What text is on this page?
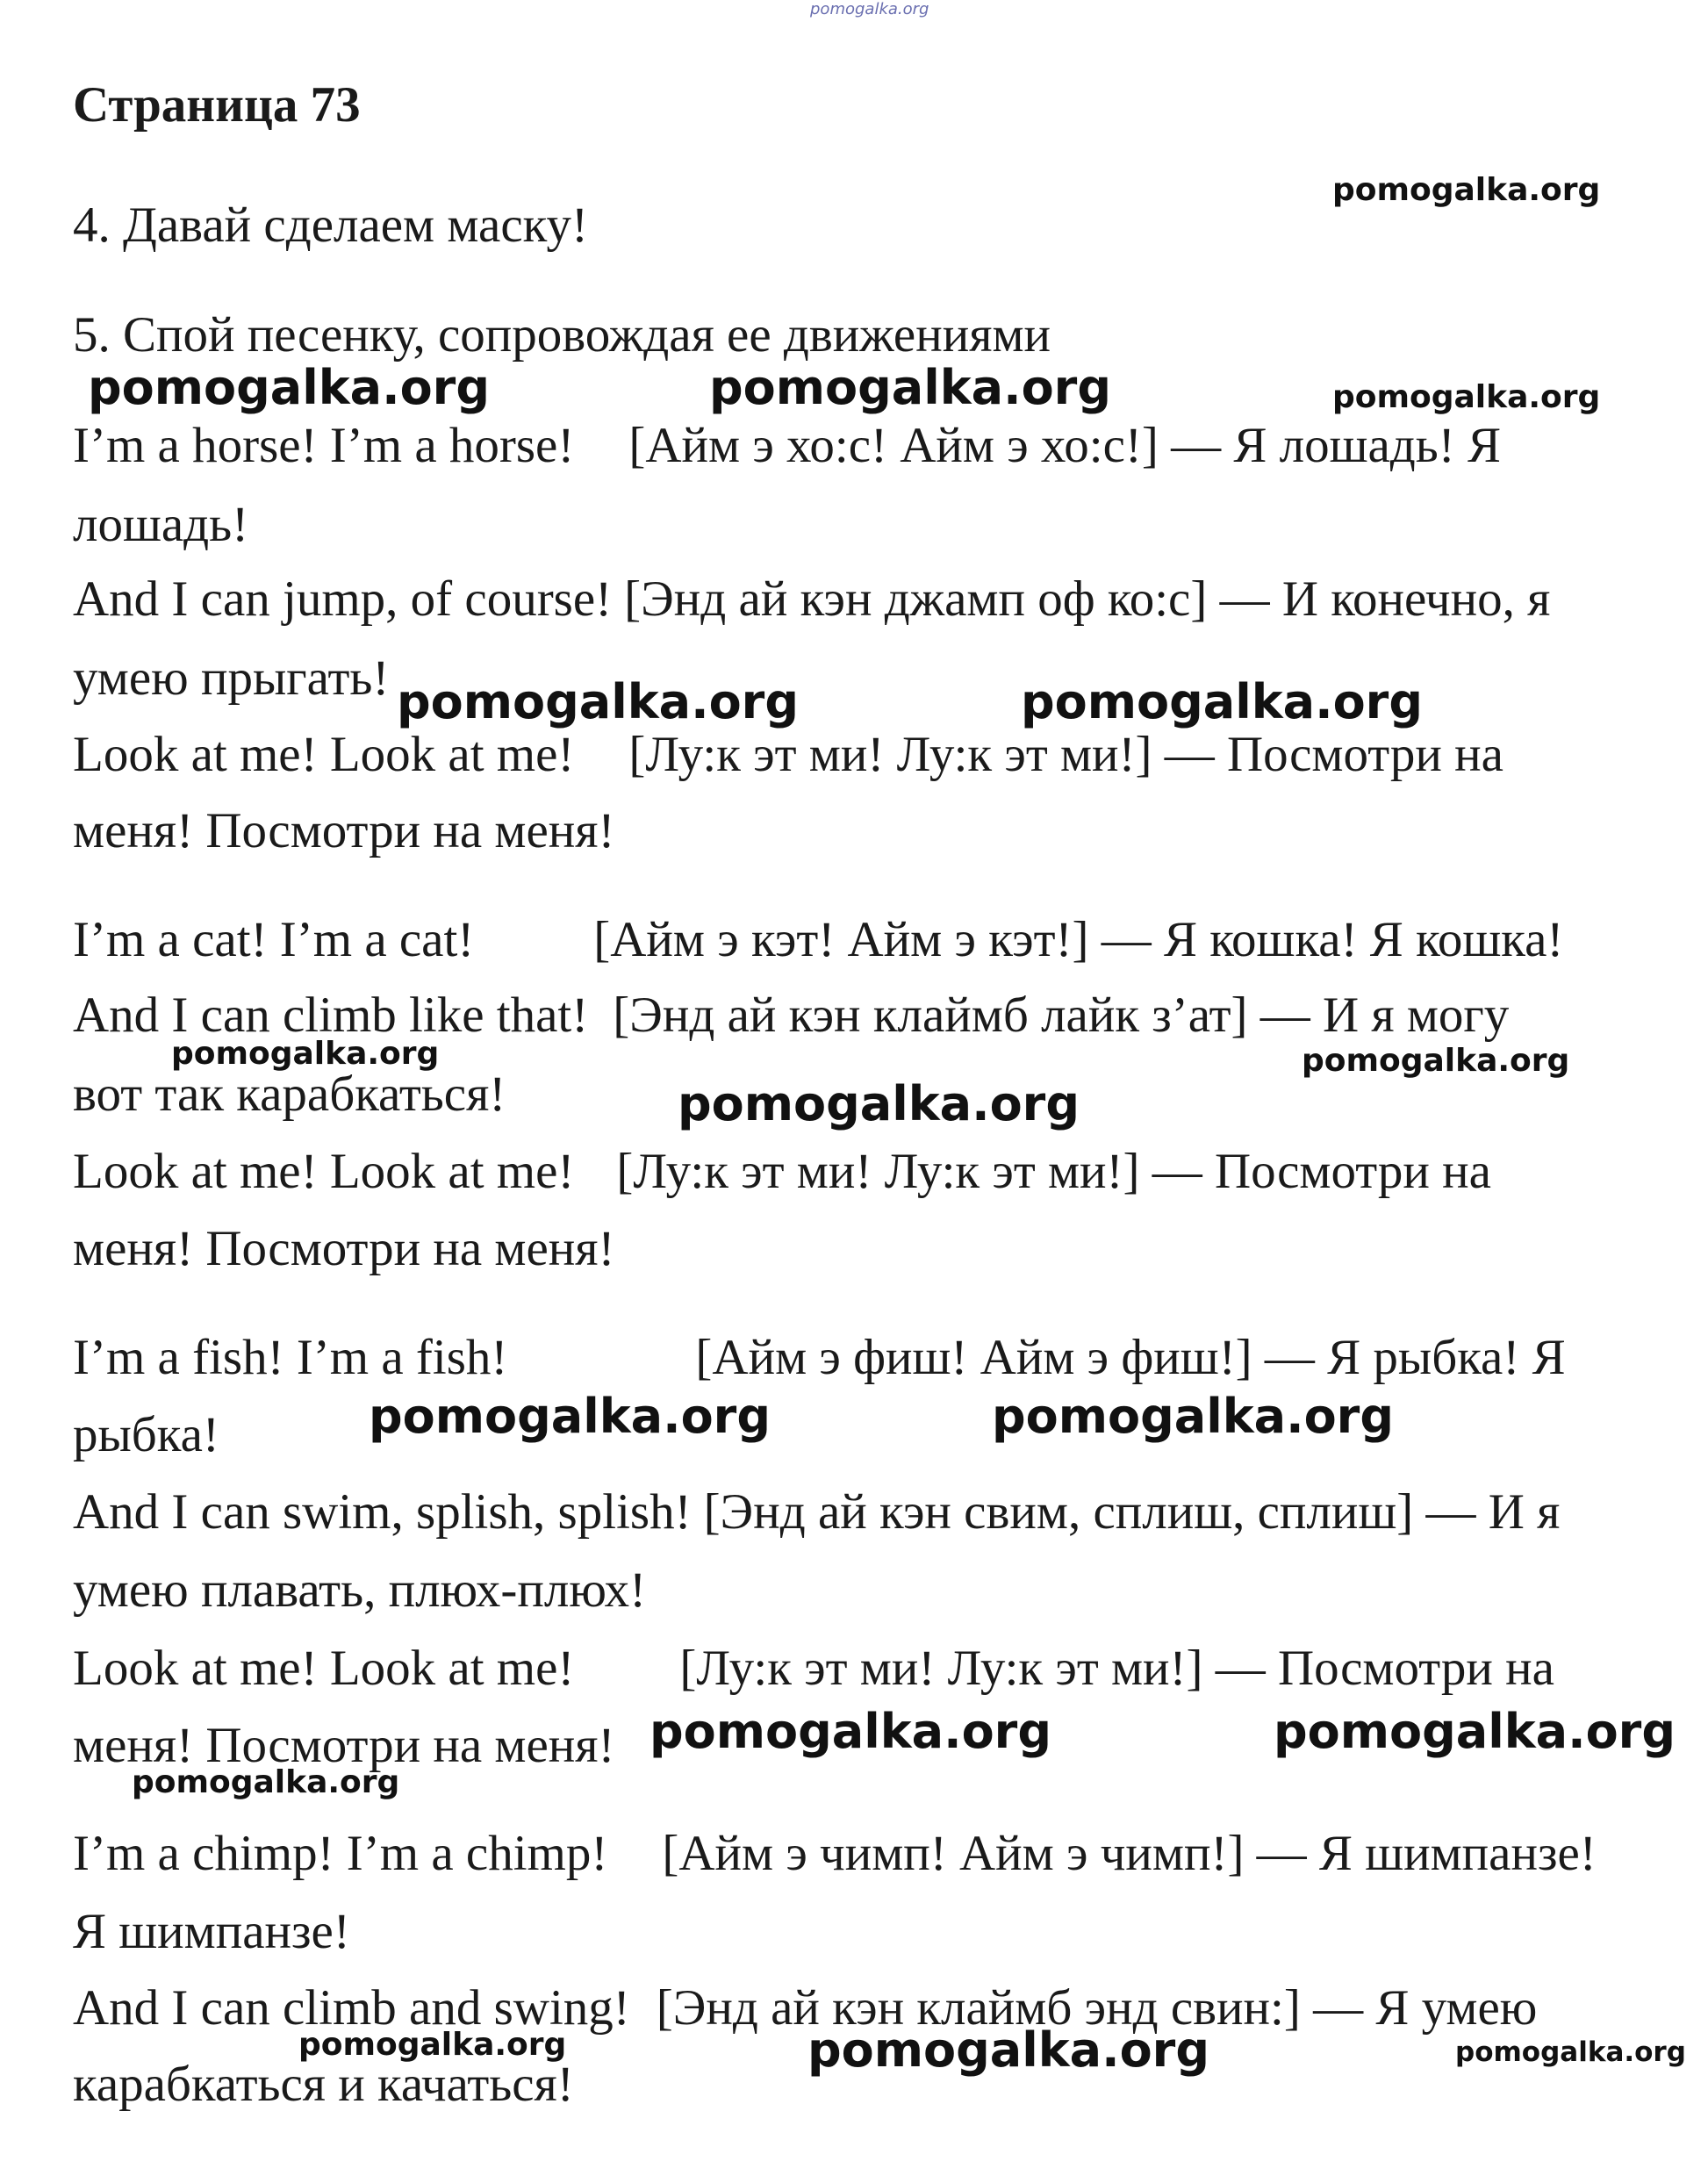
pomogalka.org
Страница 73
pomogalka.org
4. Давай сделаем маску!
5. Спой песенку, сопровождая ее движениями
pomogalka.org	pomogalka.org	pomogalka.org
I’m a horse! I’m a horse! [Айм э хо:с! Айм э хо:с!] — Я лошадь! Я
лошадь!
And I can jump, of course! [Энд ай кэн джамп оф ко:с] — И конечно, я
умею прыгать! pomogalka.org	pomogalka.org
Look at me! Look at me! [Лу:к эт ми! Лу:к эт ми!] — Посмотри на
меня! Посмотри на меня!
I’m a cat! I’m a cat! [Айм э кэт! Айм э кэт!] — Я кошка! Я кошка!
And I can climb like that! [Энд ай кэн клаймб лайк з’ат] — И я могу
pomogalka.org	pomogalka.org
вот так карабкаться!	pomogalka.org
Look at me! Look at me! [Лу:к эт ми! Лу:к эт ми!] — Посмотри на
меня! Посмотри на меня!
I’m a fish! I’m a fish!	[Айм э фиш! Айм э фиш!] — Я рыбка! Я
рыбка!	pomogalka.org	pomogalka.org
And I can swim, splish, splish! [Энд ай кэн свим, сплиш, сплиш] — И я
умею плавать, плюх-плюх!
Look at me! Look at me! [Лу:к эт ми! Лу:к эт ми!] — Посмотри на
pomogalka.org	pomogalka.org
меня! Посмотри на меня!
pomogalka.org
I’m a chimp! I’m a chimp! [Айм э чимп! Айм э чимп!] — Я шимпанзе!
Я шимпанзе!
And I can climb and swing! [Энд ай кэн клаймб энд свин:] — Я умею
pomogalka.org	pomogalka.org	pomogalka.org
карабкаться и качаться!
